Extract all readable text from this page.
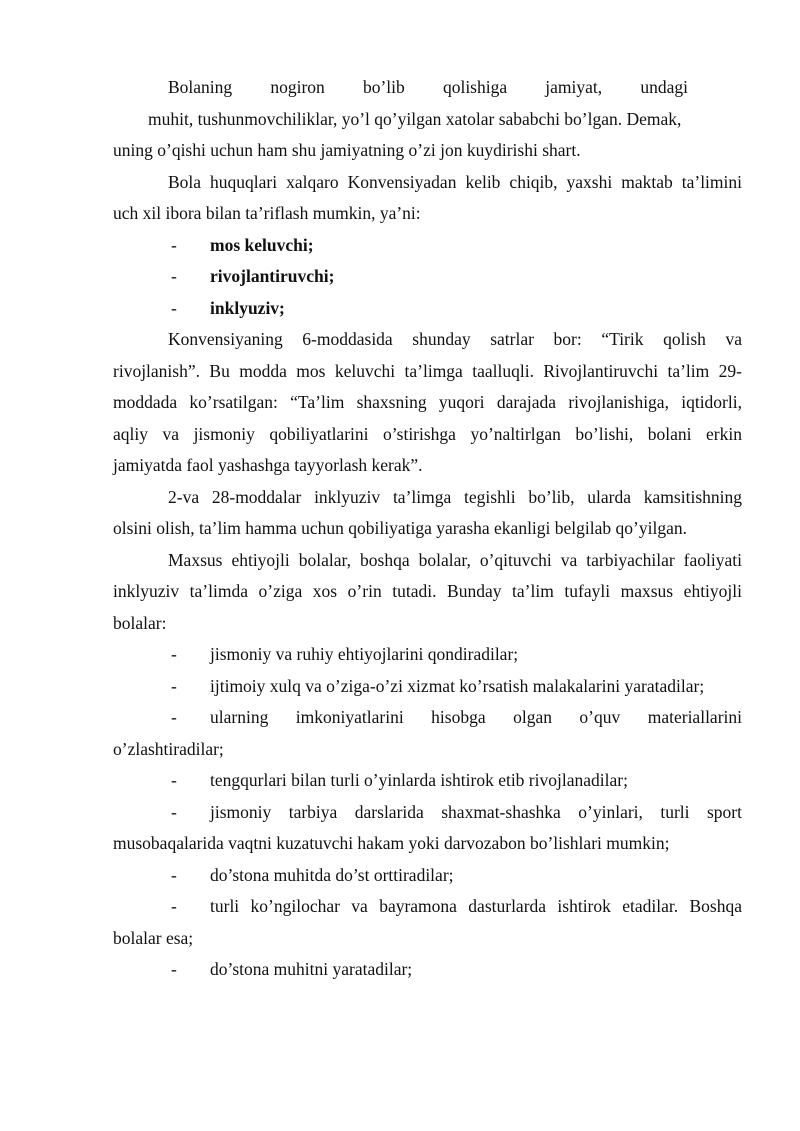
Bolaning nogiron bo’lib qolishiga jamiyat, undagi
muhit, tushunmovchiliklar, yo’l qo’yilgan xatolar sababchi bo’lgan. Demak,
uning o’qishi uchun ham shu jamiyatning o’zi jon kuydirishi shart.
Bola huquqlari xalqaro Konvensiyadan kelib chiqib, yaxshi maktab ta’limini
uch xil ibora bilan ta’riflash mumkin, ya’ni:
-	mos keluvchi;
-	rivojlantiruvchi;
-	inklyuziv;
Konvensiyaning 6-moddasida shunday satrlar bor: “Tirik qolish va
rivojlanish”. Bu modda mos keluvchi ta’limga taalluqli. Rivojlantiruvchi ta’lim 29-
moddada ko’rsatilgan: “Ta’lim shaxsning yuqori darajada rivojlanishiga, iqtidorli,
aqliy va jismoniy qobiliyatlarini o’stirishga yo’naltirlgan bo’lishi, bolani erkin
jamiyatda faol yashashga tayyorlash kerak”.
2-va 28-moddalar inklyuziv ta’limga tegishli bo’lib, ularda kamsitishning
olsini olish, ta’lim hamma uchun qobiliyatiga yarasha ekanligi belgilab qo’yilgan.
Maxsus ehtiyojli bolalar, boshqa bolalar, o’qituvchi va tarbiyachilar faoliyati
inklyuziv ta’limda o’ziga xos o’rin tutadi. Bunday ta’lim tufayli maxsus ehtiyojli
bolalar:
-	jismoniy va ruhiy ehtiyojlarini qondiradilar;
-	ijtimoiy xulq va o’ziga-o’zi xizmat ko’rsatish malakalarini yaratadilar;
-	ularning imkoniyatlarini hisobga olgan o’quv materiallarini
o’zlashtiradilar;
-	tengqurlari bilan turli o’yinlarda ishtirok etib rivojlanadilar;
-	jismoniy tarbiya darslarida shaxmat-shashka o’yinlari, turli sport
musobaqalarida vaqtni kuzatuvchi hakam yoki darvozabon bo’lishlari mumkin;
-	do’stona muhitda do’st orttiradilar;
-	turli ko’ngilochar va bayramona dasturlarda ishtirok etadilar. Boshqa
bolalar esa;
-	do’stona muhitni yaratadilar;
